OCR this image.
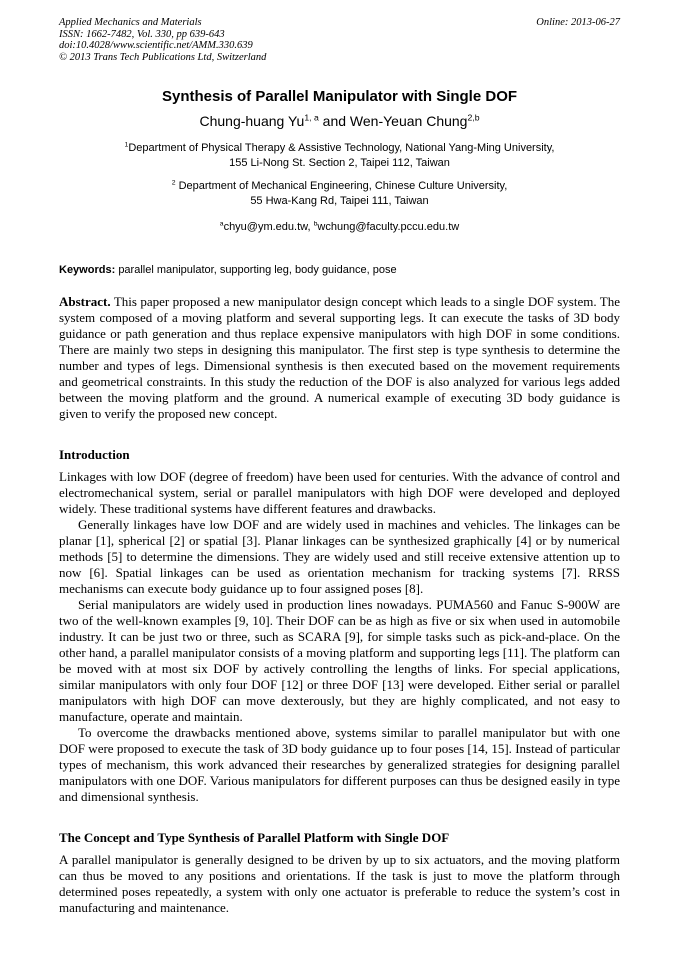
Applied Mechanics and Materials
ISSN: 1662-7482, Vol. 330, pp 639-643
doi:10.4028/www.scientific.net/AMM.330.639
© 2013 Trans Tech Publications Ltd, Switzerland
Online: 2013-06-27
Synthesis of Parallel Manipulator with Single DOF
Chung-huang Yu$^{1, a}$ and Wen-Yeuan Chung$^{2,b}$
$^1$Department of Physical Therapy & Assistive Technology, National Yang-Ming University,
155 Li-Nong St. Section 2, Taipei 112, Taiwan
$^2$ Department of Mechanical Engineering, Chinese Culture University,
55 Hwa-Kang Rd, Taipei 111, Taiwan
$^a$chyu@ym.edu.tw, $^b$wchung@faculty.pccu.edu.tw
Keywords: parallel manipulator, supporting leg, body guidance, pose

Abstract. This paper proposed a new manipulator design concept which leads to a single DOF system. The system composed of a moving platform and several supporting legs. It can execute the tasks of 3D body guidance or path generation and thus replace expensive manipulators with high DOF in some conditions. There are mainly two steps in designing this manipulator. The first step is type synthesis to determine the number and types of legs. Dimensional synthesis is then executed based on the movement requirements and geometrical constraints. In this study the reduction of the DOF is also analyzed for various legs added between the moving platform and the ground. A numerical example of executing 3D body guidance is given to verify the proposed new concept.

Introduction

Linkages with low DOF (degree of freedom) have been used for centuries. With the advance of control and electromechanical system, serial or parallel manipulators with high DOF were developed and deployed widely. These traditional systems have different features and drawbacks.

Generally linkages have low DOF and are widely used in machines and vehicles. The linkages can be planar [1], spherical [2] or spatial [3]. Planar linkages can be synthesized graphically [4] or by numerical methods [5] to determine the dimensions. They are widely used and still receive extensive attention up to now [6]. Spatial linkages can be used as orientation mechanism for tracking systems [7]. RRSS mechanisms can execute body guidance up to four assigned poses [8].

Serial manipulators are widely used in production lines nowadays. PUMA560 and Fanuc S-900W are two of the well-known examples [9, 10]. Their DOF can be as high as five or six when used in automobile industry. It can be just two or three, such as SCARA [9], for simple tasks such as pick-and-place. On the other hand, a parallel manipulator consists of a moving platform and supporting legs [11]. The platform can be moved with at most six DOF by actively controlling the lengths of links. For special applications, similar manipulators with only four DOF [12] or three DOF [13] were developed. Either serial or parallel manipulators with high DOF can move dexterously, but they are highly complicated, and not easy to manufacture, operate and maintain.

To overcome the drawbacks mentioned above, systems similar to parallel manipulator but with one DOF were proposed to execute the task of 3D body guidance up to four poses [14, 15]. Instead of particular types of mechanism, this work advanced their researches by generalized strategies for designing parallel manipulators with one DOF. Various manipulators for different purposes can thus be designed easily in type and dimensional synthesis.

The Concept and Type Synthesis of Parallel Platform with Single DOF

A parallel manipulator is generally designed to be driven by up to six actuators, and the moving platform can thus be moved to any positions and orientations. If the task is just to move the platform through determined poses repeatedly, a system with only one actuator is preferable to reduce the system’s cost in manufacturing and maintenance.
